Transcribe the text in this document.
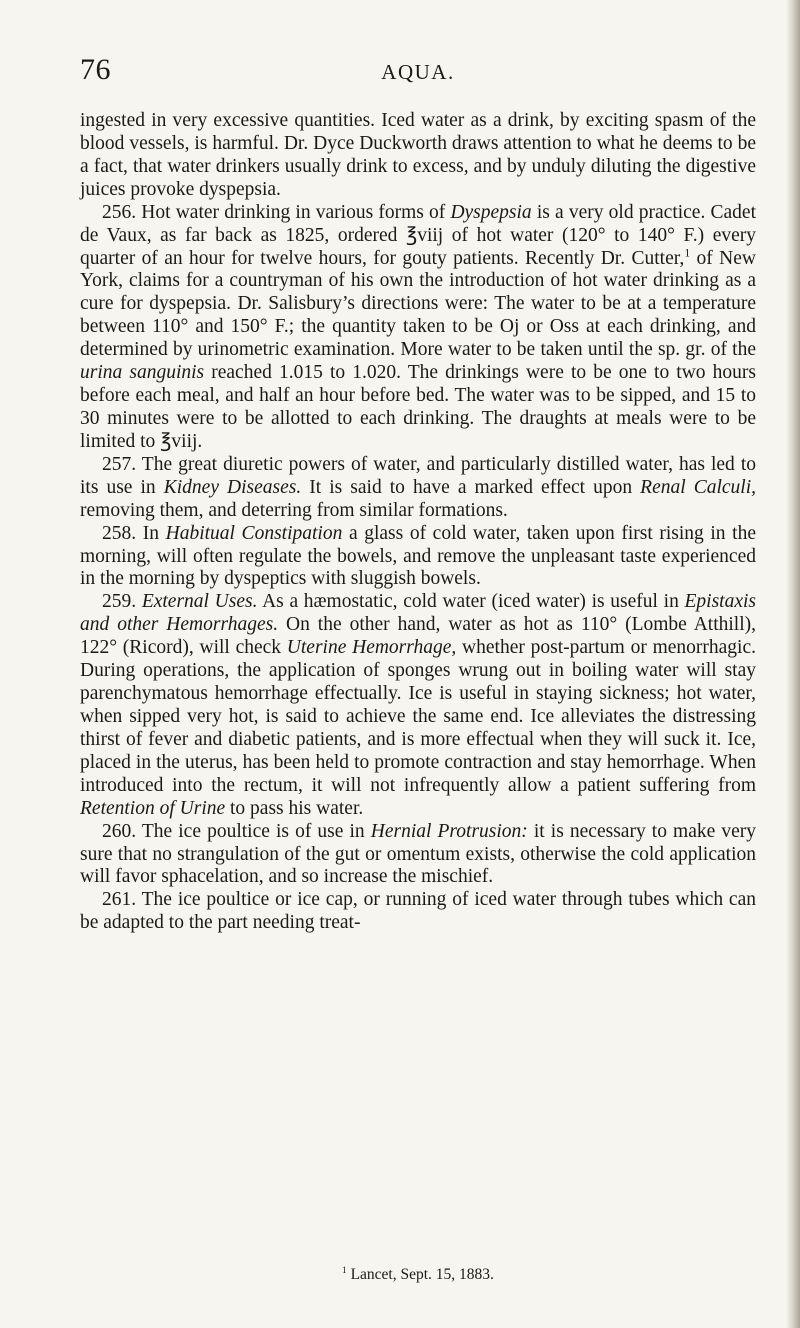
76	AQUA.

ingested in very excessive quantities. Iced water as a drink, by exciting spasm of the blood vessels, is harmful. Dr. Dyce Duckworth draws attention to what he deems to be a fact, that water drinkers usually drink to excess, and by unduly diluting the digestive juices provoke dyspepsia.

256. Hot water drinking in various forms of Dyspepsia is a very old practice. Cadet de Vaux, as far back as 1825, ordered ℥viij of hot water (120° to 140° F.) every quarter of an hour for twelve hours, for gouty patients. Recently Dr. Cutter,$^1$ of New York, claims for a countryman of his own the introduction of hot water drinking as a cure for dyspepsia. Dr. Salisbury’s directions were: The water to be at a temperature between 110° and 150° F.; the quantity taken to be Oj or Oss at each drinking, and determined by urinometric examination. More water to be taken until the sp. gr. of the urina sanguinis reached 1.015 to 1.020. The drinkings were to be one to two hours before each meal, and half an hour before bed. The water was to be sipped, and 15 to 30 minutes were to be allotted to each drinking. The draughts at meals were to be limited to ℥viij.

257. The great diuretic powers of water, and particularly distilled water, has led to its use in Kidney Diseases. It is said to have a marked effect upon Renal Calculi, removing them, and deterring from similar formations.

258. In Habitual Constipation a glass of cold water, taken upon first rising in the morning, will often regulate the bowels, and remove the unpleasant taste experienced in the morning by dyspeptics with sluggish bowels.

259. External Uses. As a hæmostatic, cold water (iced water) is useful in Epistaxis and other Hemorrhages. On the other hand, water as hot as 110° (Lombe Atthill), 122° (Ricord), will check Uterine Hemorrhage, whether post-partum or menorrhagic. During operations, the application of sponges wrung out in boiling water will stay parenchymatous hemorrhage effectually. Ice is useful in staying sickness; hot water, when sipped very hot, is said to achieve the same end. Ice alleviates the distressing thirst of fever and diabetic patients, and is more effectual when they will suck it. Ice, placed in the uterus, has been held to promote contraction and stay hemorrhage. When introduced into the rectum, it will not infrequently allow a patient suffering from Retention of Urine to pass his water.

260. The ice poultice is of use in Hernial Protrusion: it is necessary to make very sure that no strangulation of the gut or omentum exists, otherwise the cold application will favor sphacelation, and so increase the mischief.

261. The ice poultice or ice cap, or running of iced water through tubes which can be adapted to the part needing treat-

$^1$ Lancet, Sept. 15, 1883.
